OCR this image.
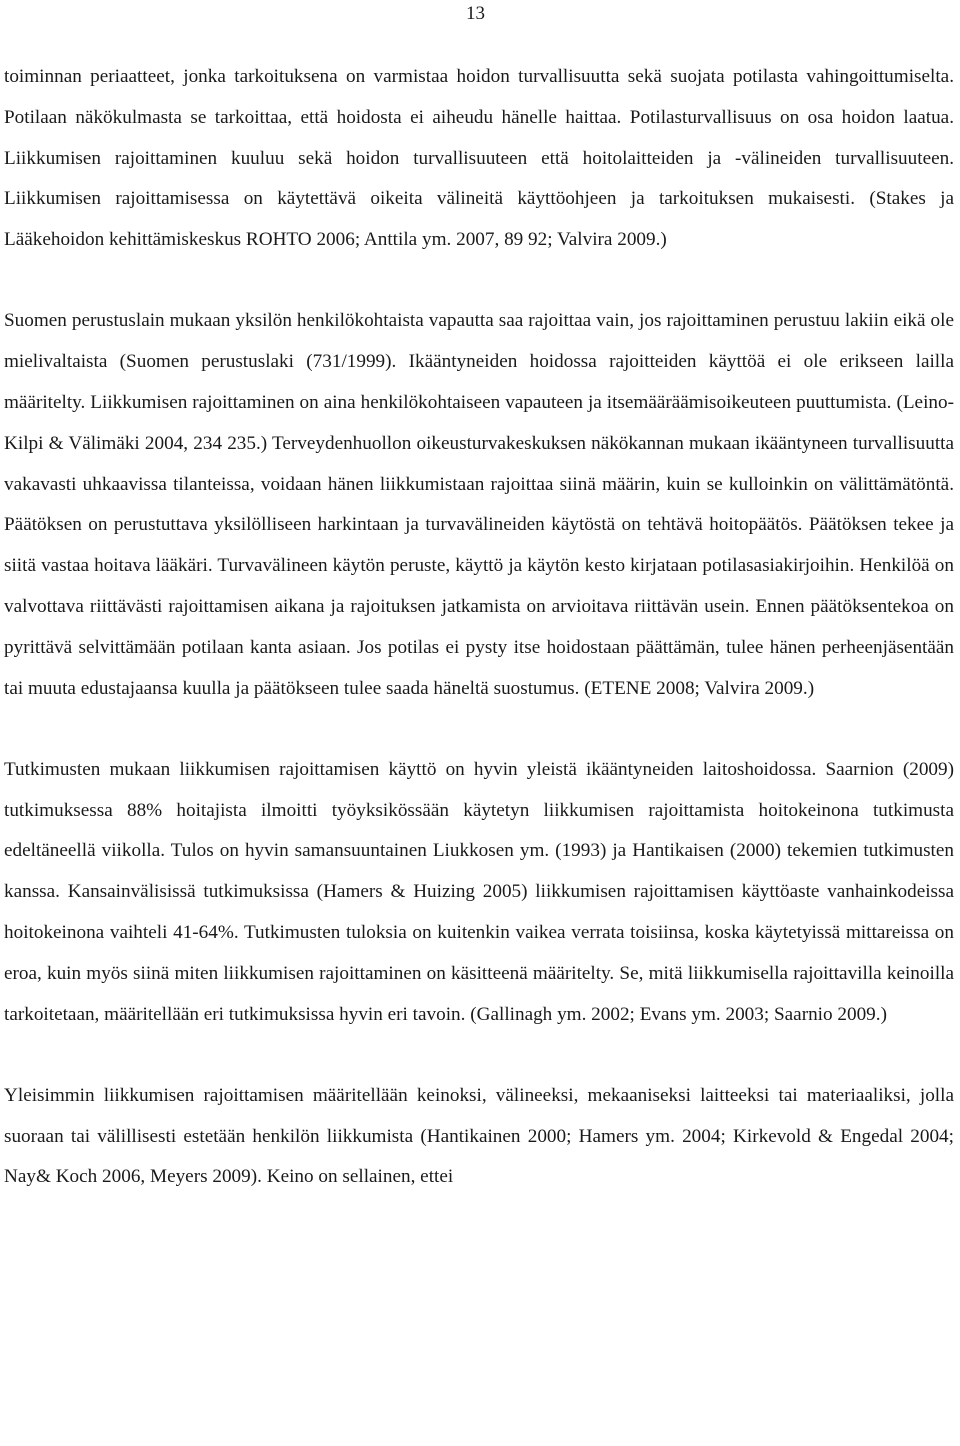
13

toiminnan periaatteet, jonka tarkoituksena on varmistaa hoidon turvallisuutta sekä suojata potilasta vahingoittumiselta. Potilaan näkökulmasta se tarkoittaa, että hoidosta ei aiheudu hänelle haittaa. Potilasturvallisuus on osa hoidon laatua. Liikkumisen rajoittaminen kuuluu sekä hoidon turvallisuuteen että hoitolaitteiden ja -välineiden turvallisuuteen. Liikkumisen rajoittamisessa on käytettävä oikeita välineitä käyttöohjeen ja tarkoituksen mukaisesti. (Stakes ja Lääkehoidon kehittämiskeskus ROHTO 2006; Anttila ym. 2007, 89 92; Valvira 2009.)

Suomen perustuslain mukaan yksilön henkilökohtaista vapautta saa rajoittaa vain, jos rajoittaminen perustuu lakiin eikä ole mielivaltaista (Suomen perustuslaki (731/1999). Ikääntyneiden hoidossa rajoitteiden käyttöä ei ole erikseen lailla määritelty. Liikkumisen rajoittaminen on aina henkilökohtaiseen vapauteen ja itsemääräämisoikeuteen puuttumista. (Leino-Kilpi & Välimäki 2004, 234 235.) Terveydenhuollon oikeusturvakeskuksen näkökannan mukaan ikääntyneen turvallisuutta vakavasti uhkaavissa tilanteissa, voidaan hänen liikkumistaan rajoittaa siinä määrin, kuin se kulloinkin on välittämätöntä. Päätöksen on perustuttava yksilölliseen harkintaan ja turvavälineiden käytöstä on tehtävä hoitopäätös. Päätöksen tekee ja siitä vastaa hoitava lääkäri. Turvavälineen käytön peruste, käyttö ja käytön kesto kirjataan potilasasiakirjoihin. Henkilöä on valvottava riittävästi rajoittamisen aikana ja rajoituksen jatkamista on arvioitava riittävän usein. Ennen päätöksentekoa on pyrittävä selvittämään potilaan kanta asiaan. Jos potilas ei pysty itse hoidostaan päättämän, tulee hänen perheenjäsentään tai muuta edustajaansa kuulla ja päätökseen tulee saada häneltä suostumus. (ETENE 2008; Valvira 2009.)

Tutkimusten mukaan liikkumisen rajoittamisen käyttö on hyvin yleistä ikääntyneiden laitoshoidossa. Saarnion (2009) tutkimuksessa 88% hoitajista ilmoitti työyksikössään käytetyn liikkumisen rajoittamista hoitokeinona tutkimusta edeltäneellä viikolla. Tulos on hyvin samansuuntainen Liukkosen ym. (1993) ja Hantikaisen (2000) tekemien tutkimusten kanssa. Kansainvälisissä tutkimuksissa (Hamers & Huizing 2005) liikkumisen rajoittamisen käyttöaste vanhainkodeissa hoitokeinona vaihteli 41-64%. Tutkimusten tuloksia on kuitenkin vaikea verrata toisiinsa, koska käytetyissä mittareissa on eroa, kuin myös siinä miten liikkumisen rajoittaminen on käsitteenä määritelty. Se, mitä liikkumisella rajoittavilla keinoilla tarkoitetaan, määritellään eri tutkimuksissa hyvin eri tavoin. (Gallinagh ym. 2002; Evans ym. 2003; Saarnio 2009.)

Yleisimmin liikkumisen rajoittamisen määritellään keinoksi, välineeksi, mekaaniseksi laitteeksi tai materiaaliksi, jolla suoraan tai välillisesti estetään henkilön liikkumista (Hantikainen 2000; Hamers ym. 2004; Kirkevold & Engedal 2004; Nay& Koch 2006, Meyers 2009). Keino on sellainen, ettei
